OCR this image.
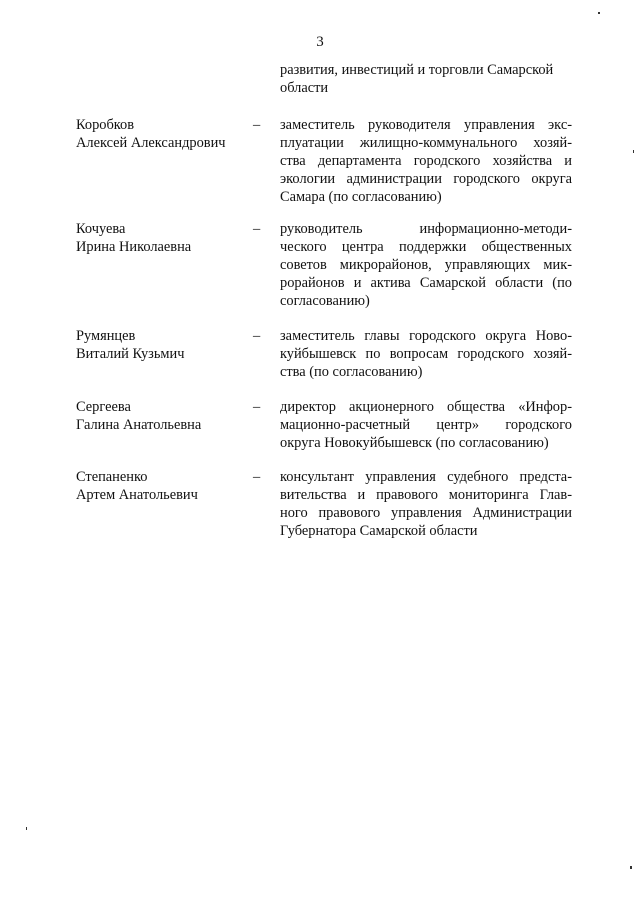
3
развития, инвестиций и торговли Самарской
области
Коробков
Алексей Александрович
– заместитель руководителя управления экс-
плуатации жилищно-коммунального хозяй-
ства департамента городского хозяйства и
экологии администрации городского округа
Самара (по согласованию)
Кочуева
Ирина Николаевна
– руководитель информационно-методи-
ческого центра поддержки общественных
советов микрорайонов, управляющих мик-
рорайонов и актива Самарской области (по
согласованию)
Румянцев
Виталий Кузьмич
– заместитель главы городского округа Ново-
куйбышевск по вопросам городского хозяй-
ства (по согласованию)
Сергеева
Галина Анатольевна
– директор акционерного общества «Инфор-
мационно-расчетный центр» городского
округа Новокуйбышевск (по согласованию)
Степаненко
Артем Анатольевич
– консультант управления судебного предста-
вительства и правового мониторинга Глав-
ного правового управления Администрации
Губернатора Самарской области
